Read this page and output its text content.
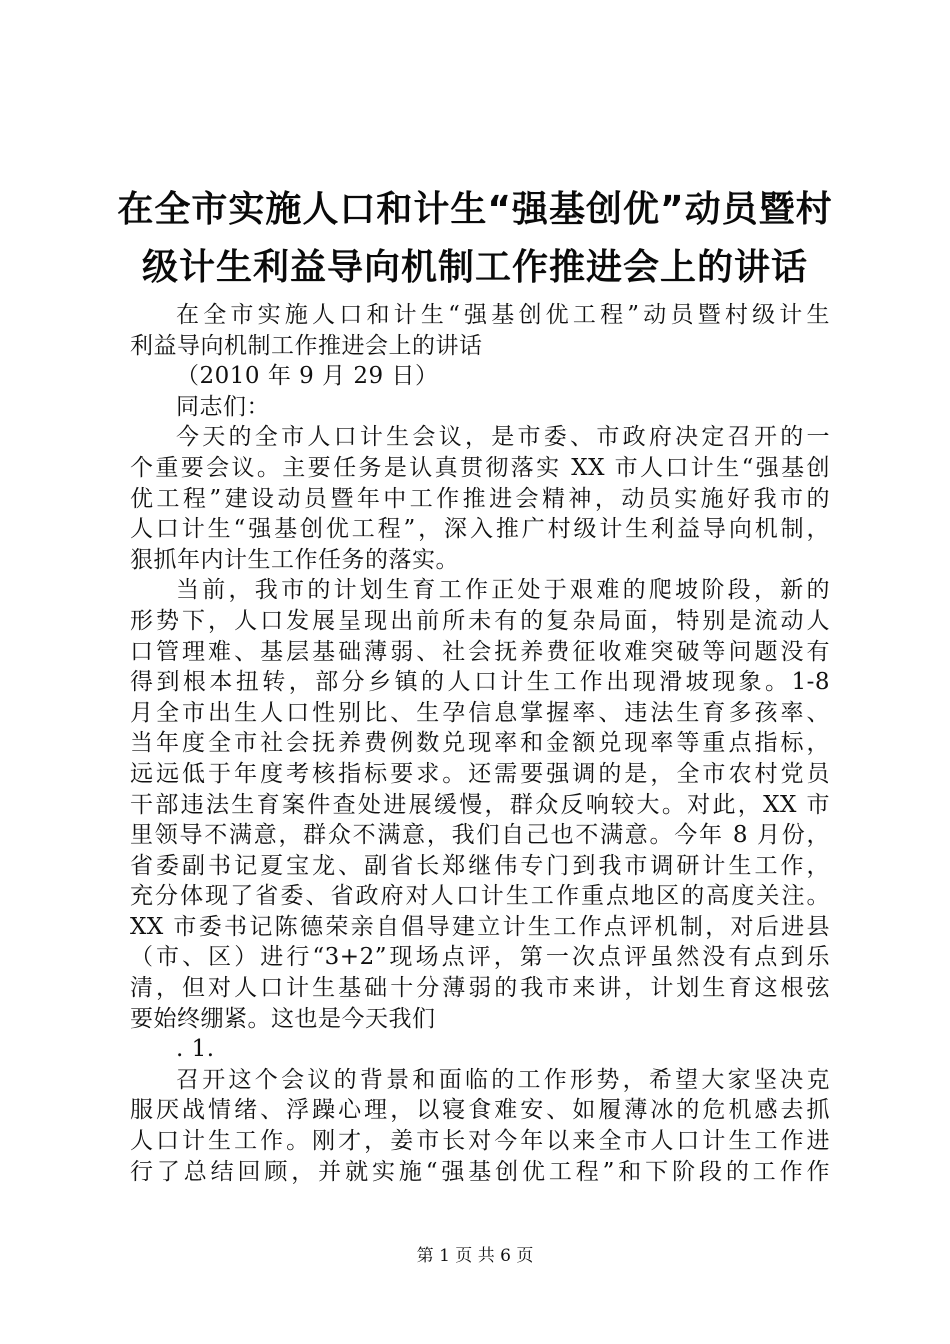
在全市实施人口和计生“强基创优”动员暨村
级计生利益导向机制工作推进会上的讲话
在全市实施人口和计生“强基创优工程”动员暨村级计生
利益导向机制工作推进会上的讲话
（2010 年 9 月 29 日）
同志们：
今天的全市人口计生会议，是市委、市政府决定召开的一
个重要会议。主要任务是认真贯彻落实 XX 市人口计生“强基创
优工程”建设动员暨年中工作推进会精神，动员实施好我市的
人口计生“强基创优工程”，深入推广村级计生利益导向机制，
狠抓年内计生工作任务的落实。
当前，我市的计划生育工作正处于艰难的爬坡阶段，新的
形势下，人口发展呈现出前所未有的复杂局面，特别是流动人
口管理难、基层基础薄弱、社会抚养费征收难突破等问题没有
得到根本扭转，部分乡镇的人口计生工作出现滑坡现象。1-8
月全市出生人口性别比、生孕信息掌握率、违法生育多孩率、
当年度全市社会抚养费例数兑现率和金额兑现率等重点指标，
远远低于年度考核指标要求。还需要强调的是，全市农村党员
干部违法生育案件查处进展缓慢，群众反响较大。对此，XX 市
里领导不满意，群众不满意，我们自己也不满意。今年 8 月份，
省委副书记夏宝龙、副省长郑继伟专门到我市调研计生工作，
充分体现了省委、省政府对人口计生工作重点地区的高度关注。
XX 市委书记陈德荣亲自倡导建立计生工作点评机制，对后进县
（市、区）进行“3+2”现场点评，第一次点评虽然没有点到乐
清，但对人口计生基础十分薄弱的我市来讲，计划生育这根弦
要始终绷紧。这也是今天我们
. 1.
召开这个会议的背景和面临的工作形势，希望大家坚决克
服厌战情绪、浮躁心理，以寝食难安、如履薄冰的危机感去抓
人口计生工作。刚才，姜市长对今年以来全市人口计生工作进
行了总结回顾，并就实施“强基创优工程”和下阶段的工作作
第 1 页 共 6 页
